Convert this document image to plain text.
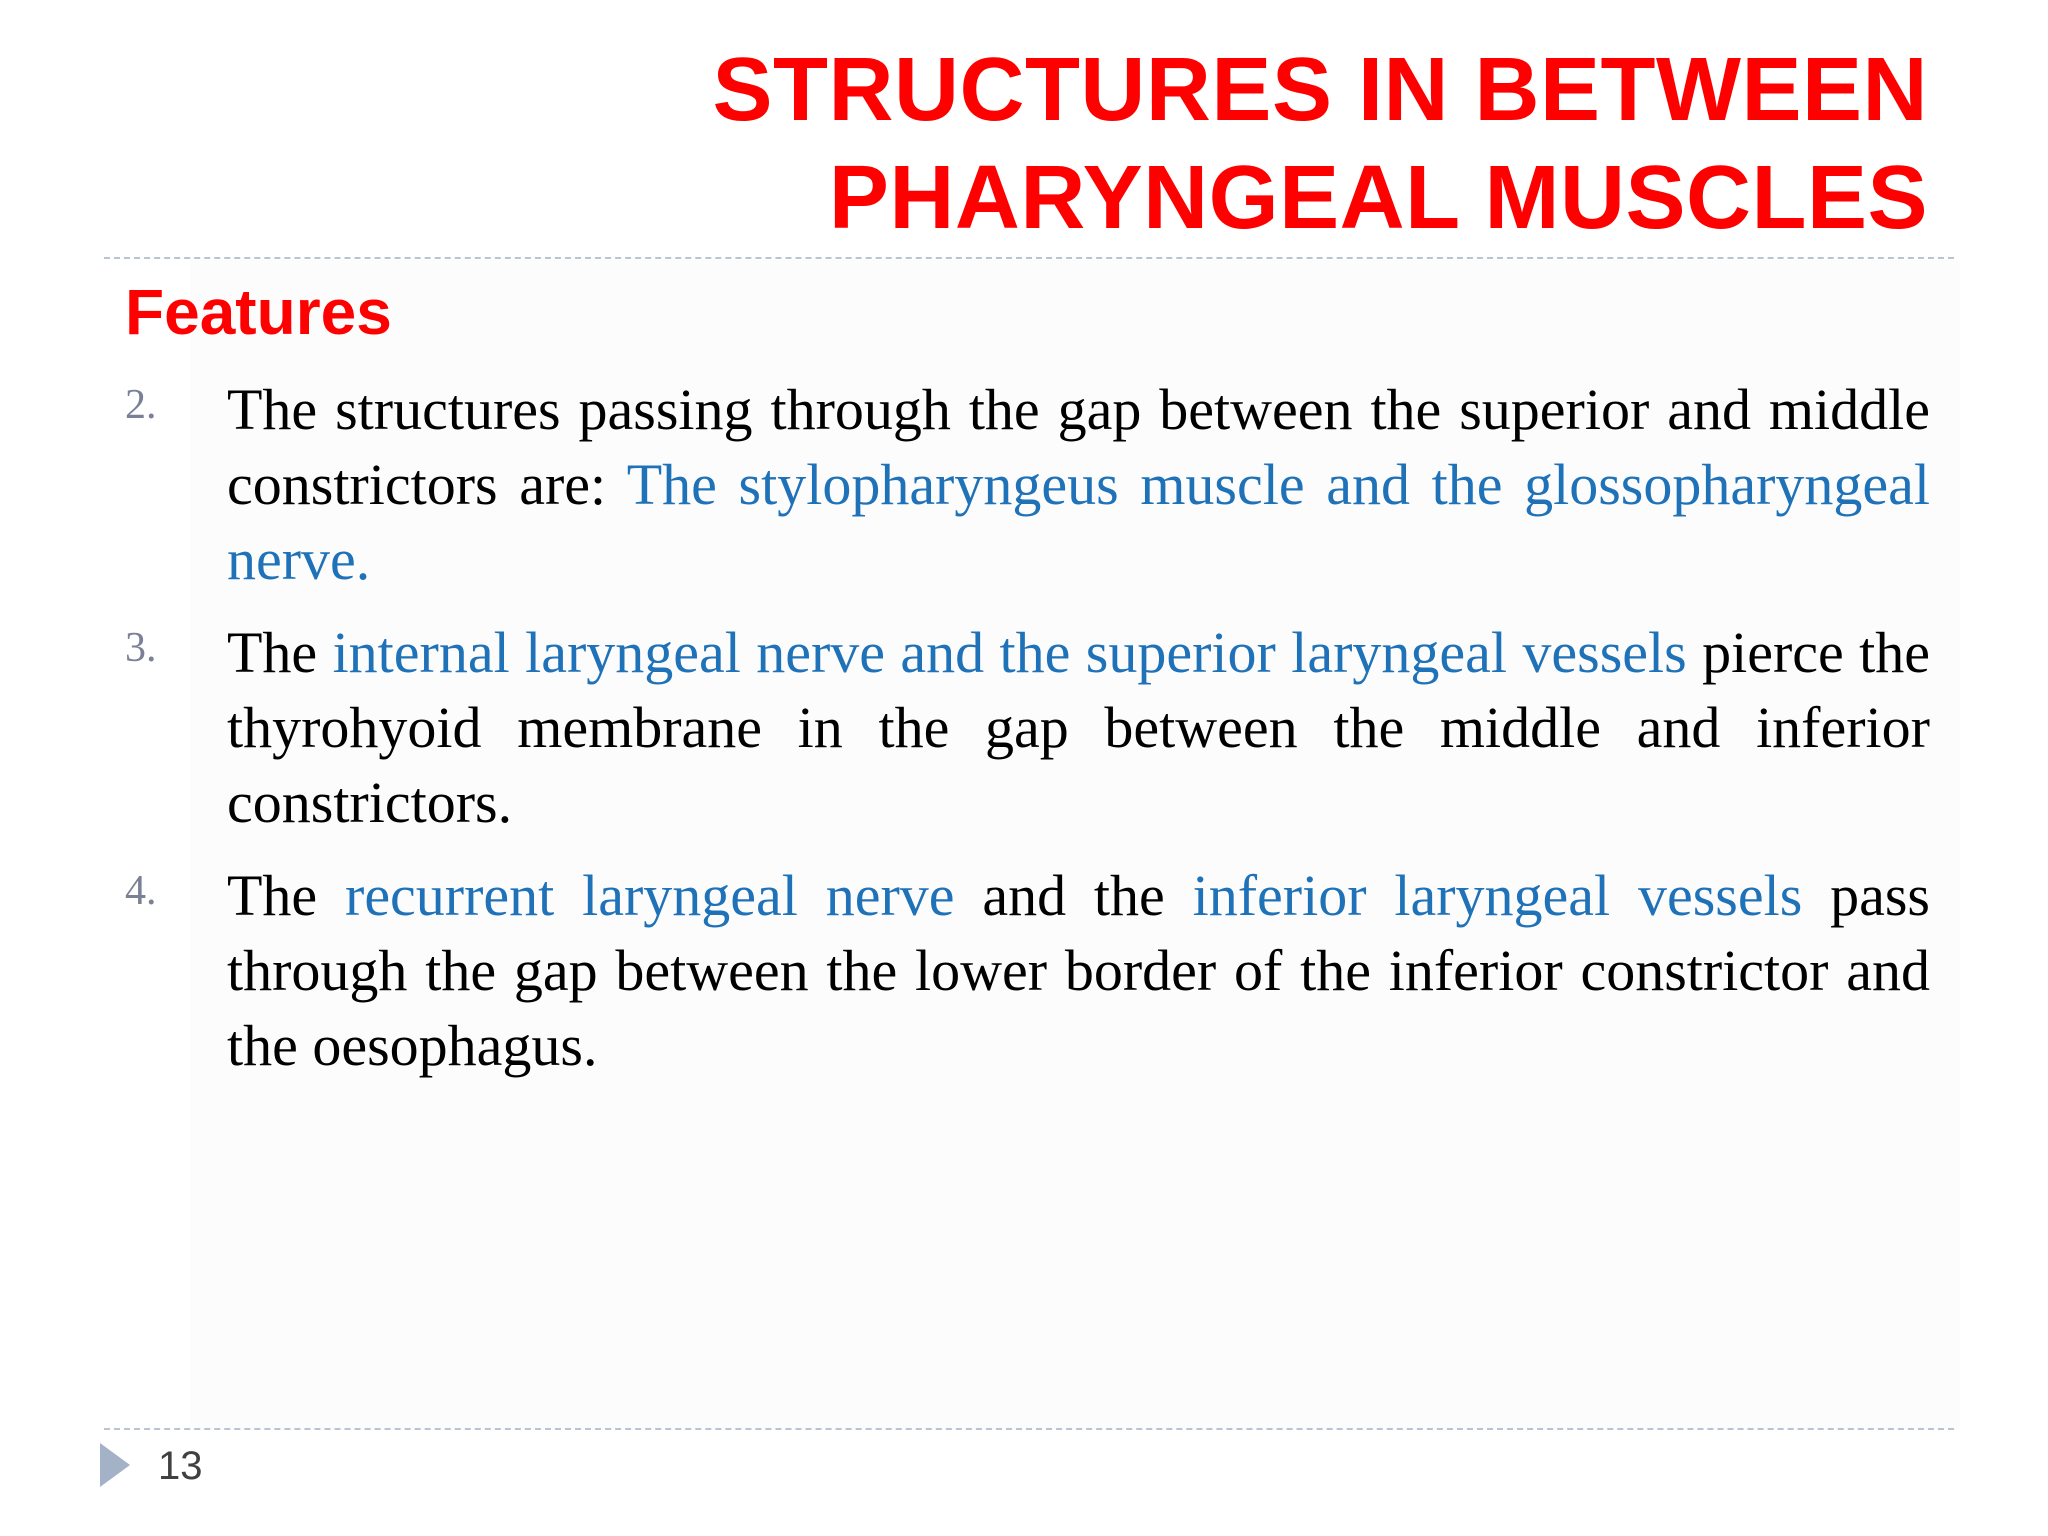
STRUCTURES IN BETWEEN
PHARYNGEAL MUSCLES
Features
2. The structures passing through the gap between the superior and middle constrictors are: The stylopharyngeus muscle and the glossopharyngeal nerve.
3. The internal laryngeal nerve and the superior laryngeal vessels pierce the thyrohyoid membrane in the gap between the middle and inferior constrictors.
4. The recurrent laryngeal nerve and the inferior laryngeal vessels pass through the gap between the lower border of the inferior constrictor and the oesophagus.
13
